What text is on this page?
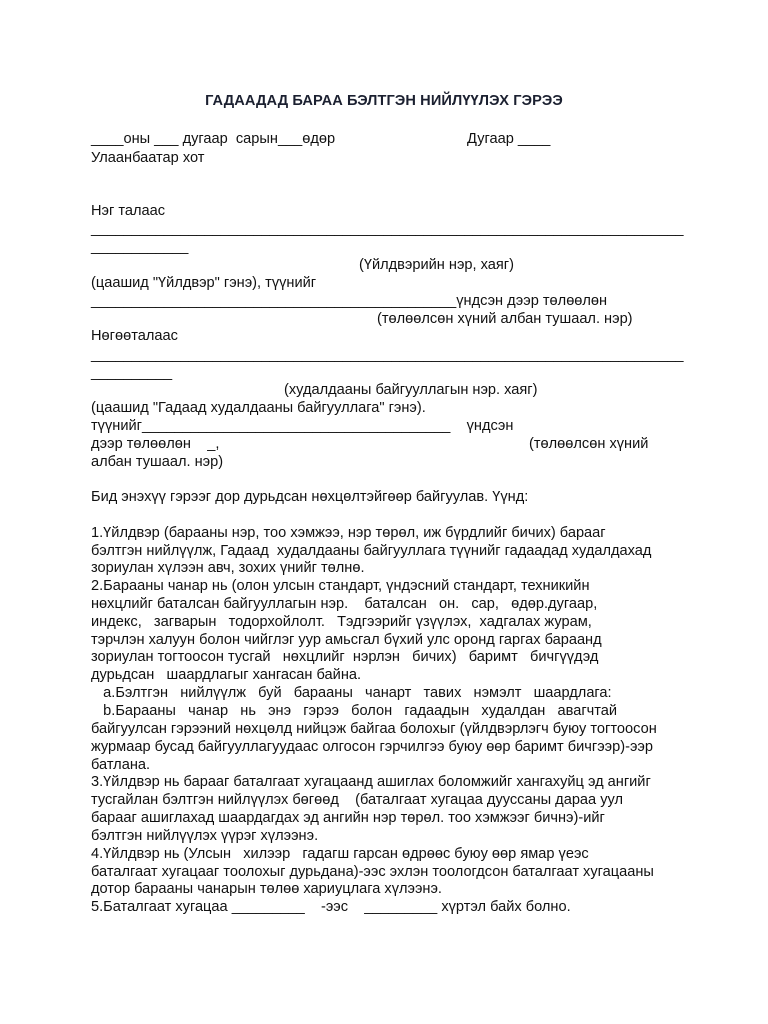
ГАДААДАД БАРАА БЭЛТГЭН НИЙЛҮҮЛЭХ ГЭРЭЭ
____оны ___ дугаар  сарын___өдөр	Дугаар ____
Улаанбаатар хот
Нэг талаас
_________________________________________________________________________
____________
(Үйлдвэрийн нэр, хаяг)
(цаашид "Үйлдвэр" гэнэ), түүнийг
_____________________________________________үндсэн дээр төлөөлөн
(төлөөлсөн хүний албан тушаал. нэр)
Нөгөөталаас
_________________________________________________________________________
__________
(худалдааны байгууллагын нэр. хаяг)
(цаашид "Гадаад худалдааны байгууллага" гэнэ).
түүнийг______________________________________    үндсэн
дээр төлөөлөн    _,	(төлөөлсөн хүний
албан тушаал. нэр)
Бид энэхүү гэрээг дор дурьдсан нөхцөлтэйгөөр байгуулав. Үүнд:
1.Үйлдвэр (барааны нэр, тоо хэмжээ, нэр төрөл, иж бүрдлийг бичих) барааг
бэлтгэн нийлүүлж, Гадаад  худалдааны байгууллага түүнийг гадаадад худалдахад
зориулан хүлээн авч, зохих үнийг төлнө.
2.Барааны чанар нь (олон улсын стандарт, үндэсний стандарт, техникийн
нөхцлийг баталсан байгууллагын нэр.    баталсан   он.   сар,   өдөр.дугаар,
индекс,   загварын   тодорхойлолт.   Тэдгээрийг үзүүлэх,  хадгалах журам,
тэрчлэн халуун болон чийглэг уур амьсгал бүхий улс оронд гаргах бараанд
зориулан тогтоосон тусгай   нөхцлийг  нэрлэн   бичих)   баримт   бичгүүдэд
дурьдсан   шаардлагыг хангасан байна.
a.Бэлтгэн   нийлүүлж   буй   барааны   чанарт   тавих   нэмэлт   шаардлага:
b.Барааны   чанар   нь   энэ   гэрээ   болон   гадаадын   худалдан   авагчтай
байгуулсан гэрээний нөхцөлд нийцэж байгаа болохыг (үйлдвэрлэгч буюу тогтоосон
журмаар бусад байгууллагуудаас олгосон гэрчилгээ буюу өөр баримт бичгээр)-ээр
батлана.
3.Үйлдвэр нь барааг баталгаат хугацаанд ашиглах боломжийг хангахуйц эд ангийг
тусгайлан бэлтгэн нийлүүлэх бөгөөд    (баталгаат хугацаа дууссаны дараа уул
барааг ашиглахад шаардагдах эд ангийн нэр төрөл. тоо хэмжээг бичнэ)-ийг
бэлтгэн нийлүүлэх үүрэг хүлээнэ.
4.Үйлдвэр нь (Улсын   хилээр   гадагш гарсан өдрөөс буюу өөр ямар үеэс
баталгаат хугацааг тоолохыг дурьдана)-ээс эхлэн тоологдсон баталгаат хугацааны
дотор барааны чанарын төлөө хариуцлага хүлээнэ.
5.Баталгаат хугацаа _________    -ээс    _________ хүртэл байх болно.
